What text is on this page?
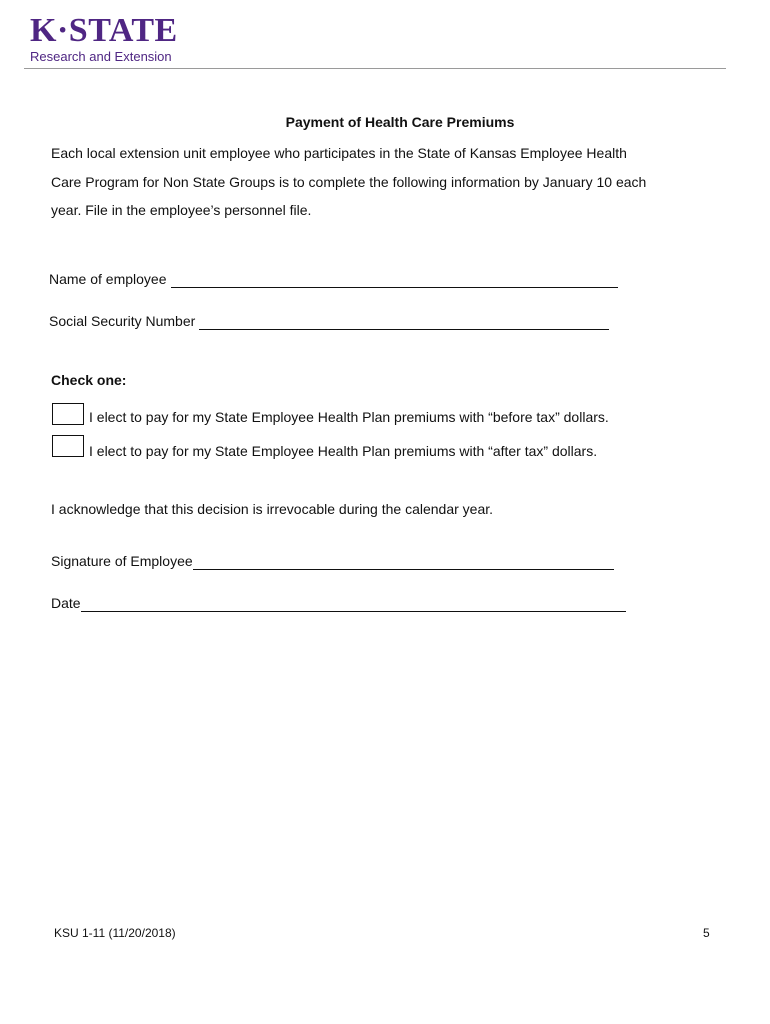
K·STATE
Research and Extension
Payment of Health Care Premiums
Each local extension unit employee who participates in the State of Kansas Employee Health
Care Program for Non State Groups is to complete the following information by January 10 each
year. File in the employee’s personnel file.
Name of employee
Social Security Number
Check one:
I elect to pay for my State Employee Health Plan premiums with “before tax” dollars.
I elect to pay for my State Employee Health Plan premiums with “after tax” dollars.
I acknowledge that this decision is irrevocable during the calendar year.
Signature of Employee
Date
KSU 1-11 (11/20/2018)	5
